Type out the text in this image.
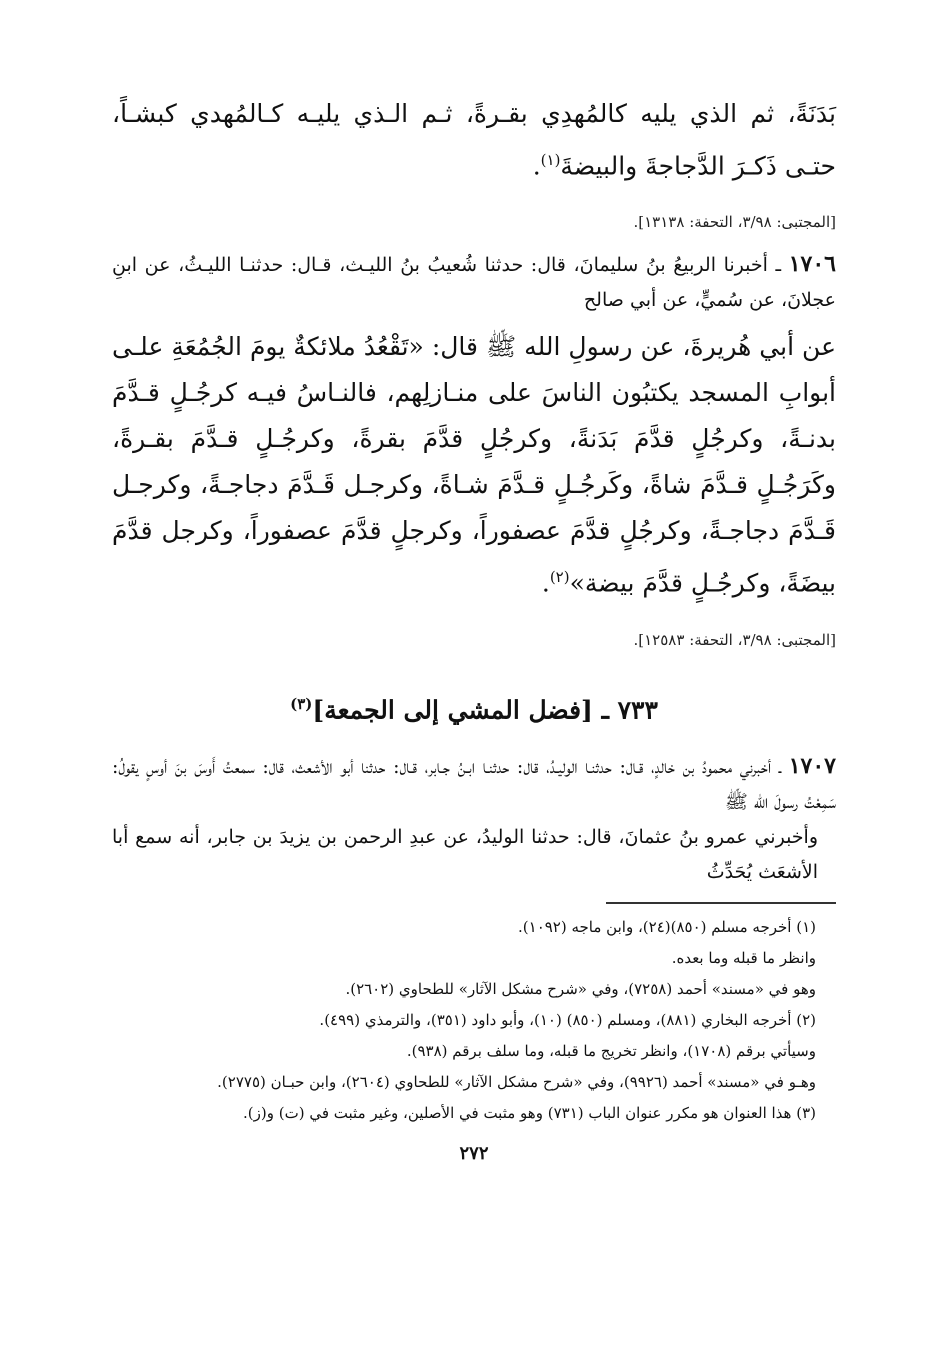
بَدَنَةً، ثم الذي يليه كالمُهدِي بقـرةً، ثـم الـذي يليـه كـالمُهدي كبشـاً، حتـى ذَكـرَ الدَّجاجةَ والبيضةَ$^{(١)}$.

[المجتبى: ٣/٩٨، التحفة: ١٣١٣٨].

١٧٠٦ ـ أخبرنا الربيعُ بنُ سليمانَ، قال: حدثنا شُعيبُ بنُ الليـث، قـال: حدثنـا الليـثُ، عن ابنِ عجلانَ، عن سُميٍّ، عن أبي صالح

عن أبي هُريرةَ، عن رسولِ الله ﷺ قال: «تَقْعُدُ ملائكةٌ يومَ الجُمُعَةِ علـى أبوابِ المسجد يكتبُون الناسَ على منـازلِهم، فالنـاسُ فيـه كرجُـلٍ قـدَّمَ بدنـةً، وكرجُلٍ قدَّمَ بَدَنةً، وكرجُلٍ قدَّمَ بقرةً، وكرجُـلٍ قـدَّمَ بقـرةً، وكَرَجُـلٍ قـدَّمَ شاةً، وكَرجُـلٍ قـدَّمَ شـاةً، وكرجـل قَـدَّمَ دجاجـةً، وكرجـل قَـدَّمَ دجاجـةً، وكرجُلٍ قدَّمَ عصفوراً، وكرجلٍ قدَّمَ عصفوراً، وكرجل قدَّمَ بيضَةً، وكرجُـلٍ قدَّمَ بيضة»$^{(٢)}$.

[المجتبى: ٣/٩٨، التحفة: ١٢٥٨٣].

٧٣٣ ـ [فضل المشي إلى الجمعة]$^{(٣)}$

١٧٠٧ ـ أخبرني محمودُ بن خالدٍ، قـال: حدثنـا الوليـدُ، قال: حدثنـا ابـنُ جـابر، قـال: حدثنا أبو الأشعث، قال: سمعتُ أَوسَ بنَ أوسٍ يقولُ: سَمِعْتُ رسولَ الله ﷺ

وأخبرني عمرو بنُ عثمانَ، قال: حدثنا الوليدُ، عن عبدِ الرحمن بن يزيدَ بن جابر، أنه سمع أبا الأشعَث يُحَدِّثُ

(١) أخرجه مسلم (٨٥٠)(٢٤)، وابن ماجه (١٠٩٢).
وانظر ما قبله وما بعده.
وهو في «مسند» أحمد (٧٢٥٨)، وفي «شرح مشكل الآثار» للطحاوي (٢٦٠٢).
(٢) أخرجه البخاري (٨٨١)، ومسلم (٨٥٠) (١٠)، وأبو داود (٣٥١)، والترمذي (٤٩٩).
وسيأتي برقم (١٧٠٨)، وانظر تخريج ما قبله، وما سلف برقم (٩٣٨).
وهـو في «مسند» أحمد (٩٩٢٦)، وفي «شرح مشكل الآثار» للطحاوي (٢٦٠٤)، وابن حبـان (٢٧٧٥).
(٣) هذا العنوان هو مكرر عنوان الباب (٧٣١) وهو مثبت في الأصلين، وغير مثبت في (ت) و(ز).
٢٧٢
